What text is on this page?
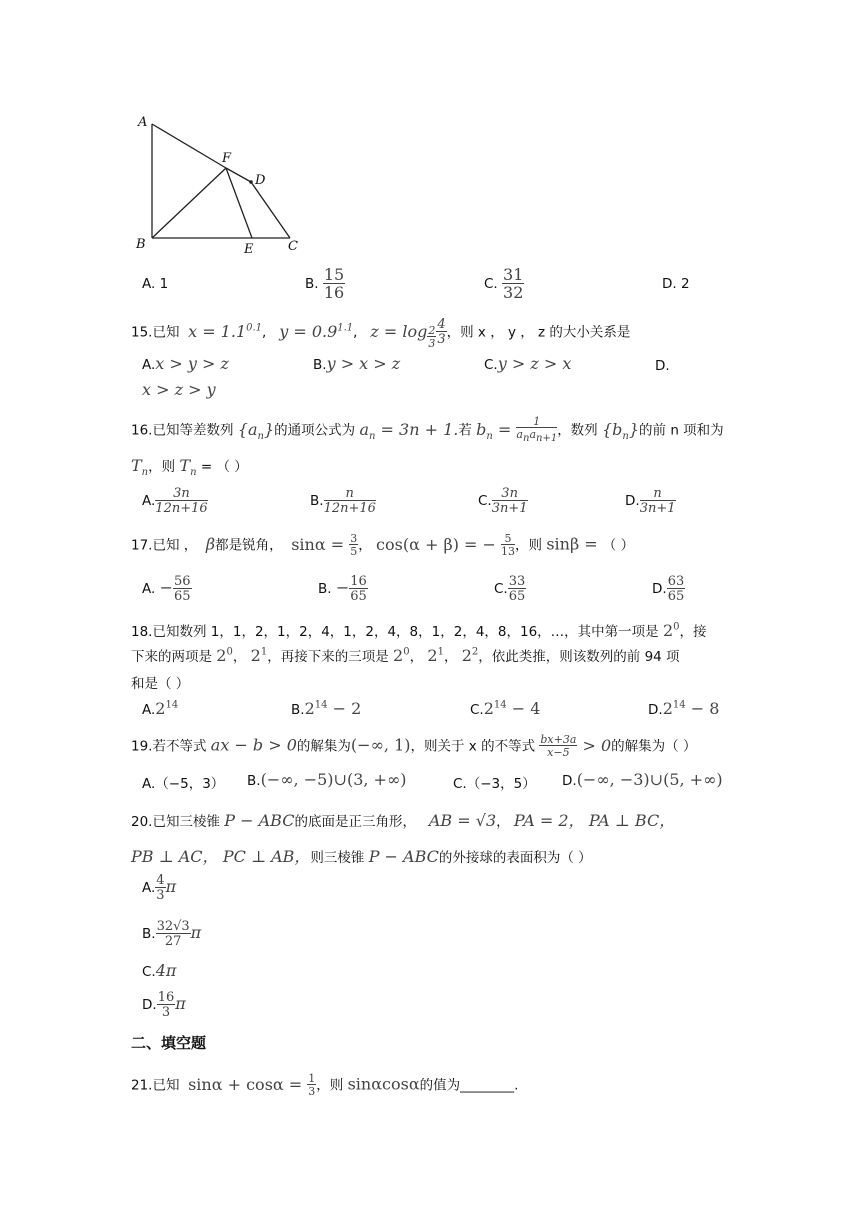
A
F
D
B	E	C
A. 1	B. $\frac{15}{16}$	C. $\frac{31}{32}$	D. 2
15.已知 $x = 1.1^{0.1}$,   $y = 0.9^{1.1}$,   $z = \log \frac{2}{3} \frac{4}{3}$ ，则 x ， y ， z 的大小关系是
A.x > y > z	B.y > x > z	C.y > z > x	D.
x > z > y
16.已知等差数列 $\{a_n\}$的通项公式为 $a_n = 3n + 1$.若 $b_n = \frac{1}{a_na_{n+1}}$ ，数列 $\{b_n\}$的前 n 项和为
$T_n$，则 $T_n$ = （ ）
A. $\frac{3n}{12n+16}$	B. $\frac{n}{12n+16}$	C. $\frac{3n}{3n+1}$	D. $\frac{n}{3n+1}$
17.已知 ， β都是锐角， $\sin\alpha = \frac{3}{5}$ ， cos(α + β) = − $\frac{5}{13}$ ，则 sinβ = （ ）
A. − $\frac{56}{65}$	B. − $\frac{16}{65}$	C. $\frac{33}{65}$	D. $\frac{63}{65}$
18.已知数列 1，1，2，1，2，4，1，2，4，8，1，2，4，8，16，…，其中第一项是 $2^0$，接
下来的两项是 $2^0$， $2^1$，再接下来的三项是 $2^0$， $2^1$， $2^2$，依此类推，则该数列的前 94 项
和是（ ）
$A.2^{14}$	$B.2^{14} - 2$	$C.2^{14} - 4$	$D.2^{14} - 8$
19.若不等式 ax − b > 0的解集为(−∞, 1)，则关于 x 的不等式 $\frac{bx+3a}{x-5} > 0$的解集为（ ）
A.（−5，3） B.(−∞, −5)∪(3, +∞)	C.（−3，5） D.(−∞, −3)∪(5, +∞)
20.已知三棱锥 P − ABC的底面是正三角形， AB = √3， PA = 2， PA ⊥ BC，
PB ⊥ AC， PC ⊥ AB，则三棱锥 P − ABC的外接球的表面积为（ ）
A. $\frac{4}{3}$ π
B. $\frac{32√3}{27}$ π
C.4π
D. $\frac{16}{3}$ π
二、填空题
21.已知 $\sin\alpha + \cos\alpha = \frac{1}{3}$ ，则 sinαcosα的值为________.
